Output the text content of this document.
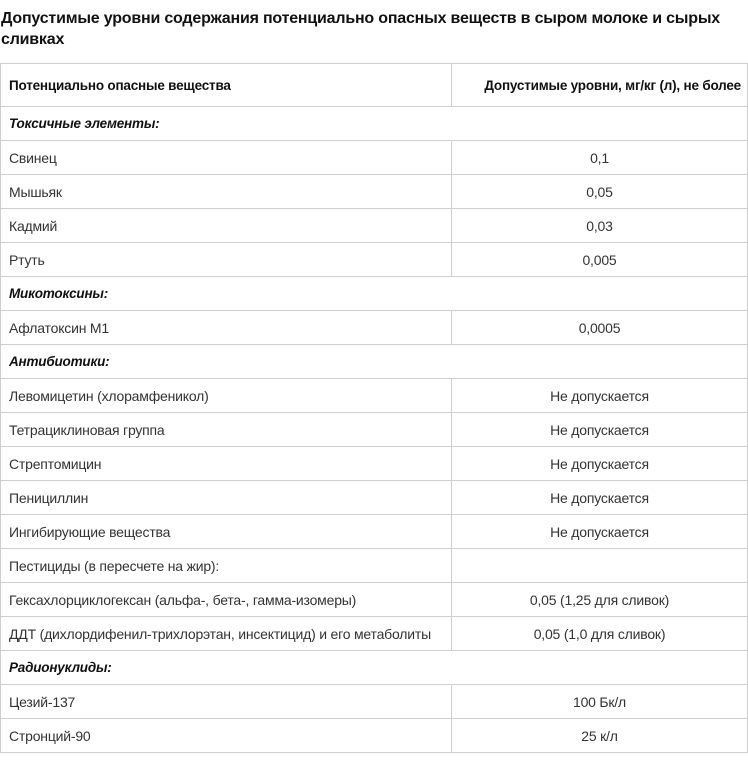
Допустимые уровни содержания потенциально опасных веществ в сыром молоке и сырых сливках
Потенциально опасные вещества	Допустимые уровни, мг/кг (л), не более
Токсичные элементы:	
Свинец	0,1
Мышьяк	0,05
Кадмий	0,03
Ртуть	0,005
Микотоксины:	
Афлатоксин М1	0,0005
Антибиотики:	
Левомицетин (хлорамфеникол)	Не допускается
Тетрациклиновая группа	Не допускается
Стрептомицин	Не допускается
Пенициллин	Не допускается
Ингибирующие вещества	Не допускается
Пестициды (в пересчете на жир):	
Гексахлорциклогексан (альфа-, бета-, гамма-изомеры)	0,05 (1,25 для сливок)
ДДТ (дихлордифенил-трихлорэтан, инсектицид) и его метаболиты	0,05 (1,0 для сливок)
Радионуклиды:	
Цезий-137	100 Бк/л
Стронций-90	25 к/л
